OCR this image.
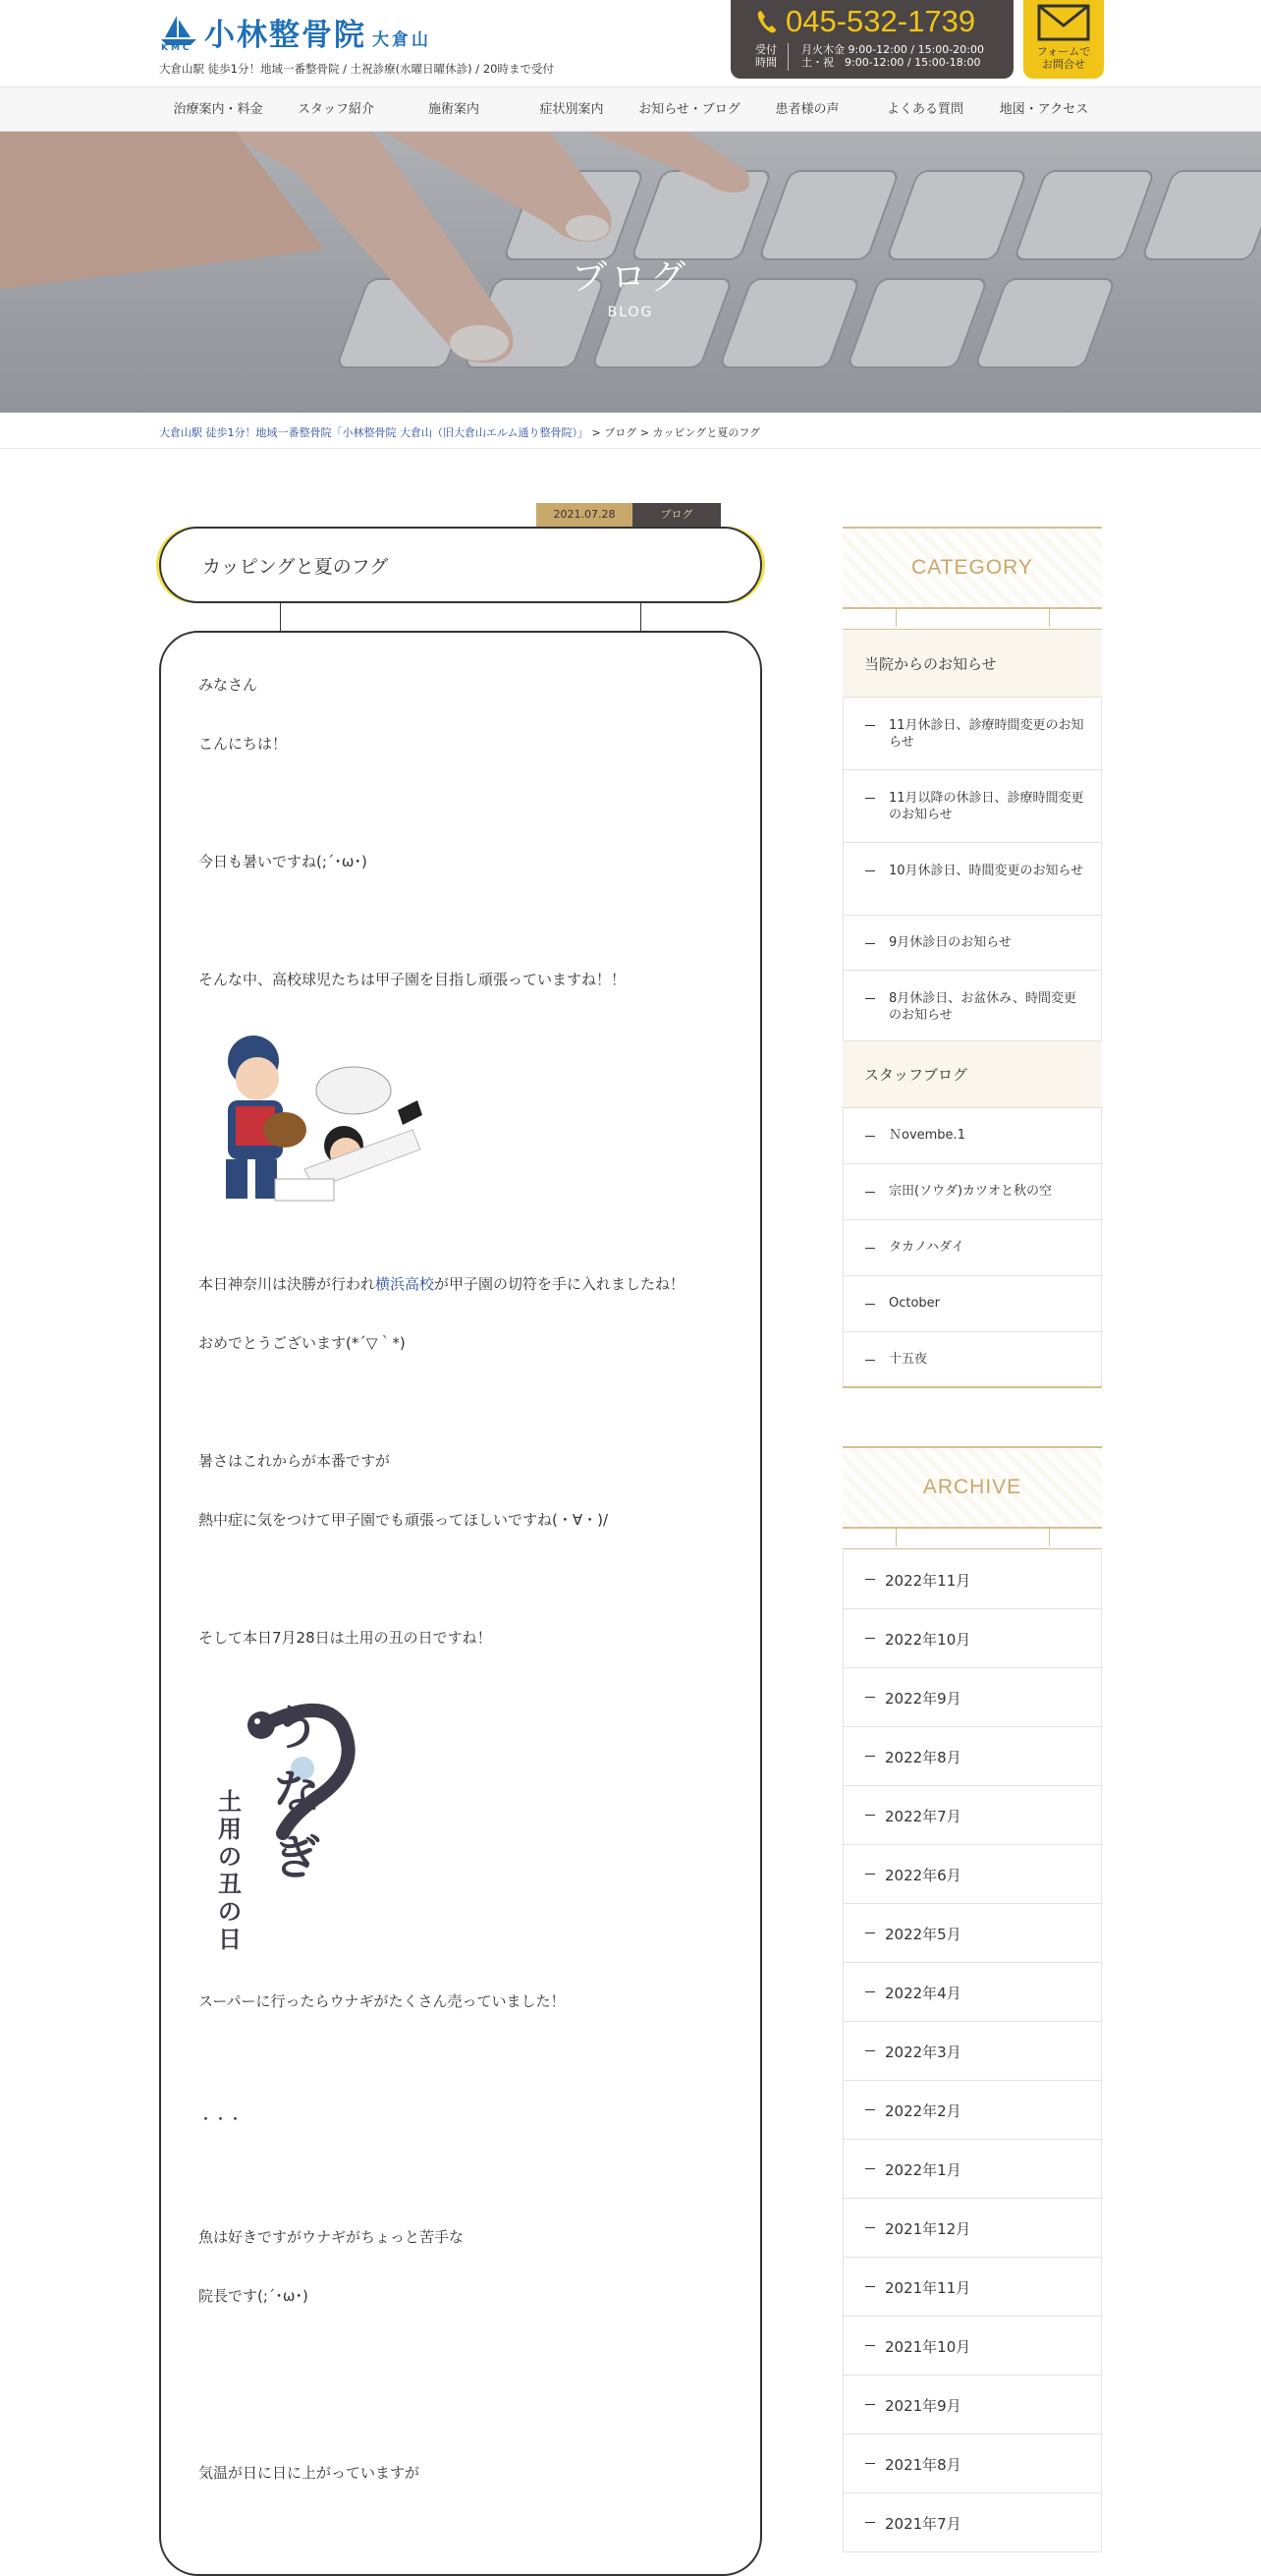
KMC 小林整骨院 大倉山
大倉山駅 徒歩1分！地域一番整骨院 / 土祝診療(水曜日曜休診) / 20時まで受付
045-532-1739
受付
時間
月火木金 9:00-12:00 / 15:00-20:00
土・祝　9:00-12:00 / 15:00-18:00
フォームで
お問合せ
治療案内・料金	スタッフ紹介	施術案内	症状別案内	お知らせ・ブログ	患者様の声	よくある質問	地図・アクセス
ブログ
BLOG
大倉山駅 徒歩1分！地域一番整骨院「小林整骨院 大倉山（旧大倉山エルム通り整骨院）」 > ブログ > カッピングと夏のフグ
2021.07.28	ブログ
カッピングと夏のフグ
みなさん
こんにちは！
今日も暑いですね(;´･ω･)
そんな中、高校球児たちは甲子園を目指し頑張っていますね！！
本日神奈川は決勝が行われ横浜高校が甲子園の切符を手に入れましたね！
おめでとうございます(*´▽｀*)
暑さはこれからが本番ですが
熱中症に気をつけて甲子園でも頑張ってほしいですね(・∀・)/
そして本日7月28日は土用の丑の日ですね！
うなぎ
土用の丑の日
スーパーに行ったらウナギがたくさん売っていました！
・・・
魚は好きですがウナギがちょっと苦手な
院長です(;´･ω･)
気温が日に日に上がっていますが
CATEGORY
当院からのお知らせ
11月休診日、診療時間変更のお知らせ
11月以降の休診日、診療時間変更のお知らせ
10月休診日、時間変更のお知らせ
9月休診日のお知らせ
8月休診日、お盆休み、時間変更のお知らせ
スタッフブログ
Ｎovembe.1
宗田(ソウダ)カツオと秋の空
タカノハダイ
October
十五夜
ARCHIVE
2022年11月
2022年10月
2022年9月
2022年8月
2022年7月
2022年6月
2022年5月
2022年4月
2022年3月
2022年2月
2022年1月
2021年12月
2021年11月
2021年10月
2021年9月
2021年8月
2021年7月
